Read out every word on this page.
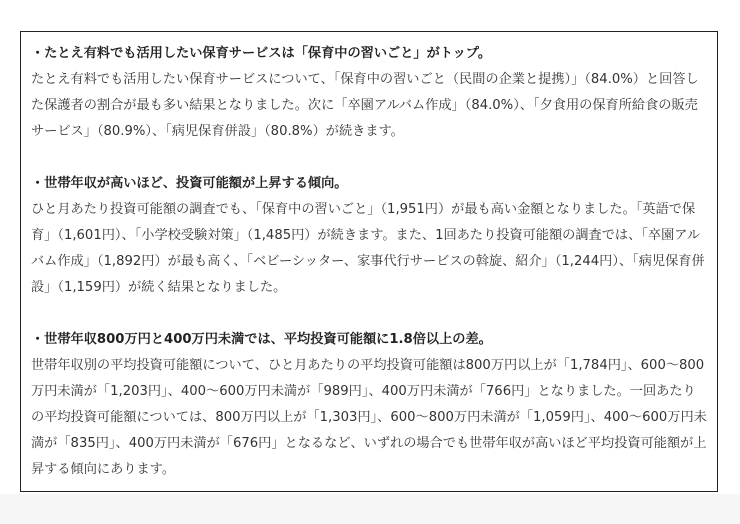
・たとえ有料でも活用したい保育サービスは「保育中の習いごと」がトップ。
たとえ有料でも活用したい保育サービスについて、「保育中の習いごと（民間の企業と提携）」（84.0%）と回答した保護者の割合が最も多い結果となりました。次に「卒園アルバム作成」（84.0%）、「夕食用の保育所給食の販売サービス」（80.9%）、「病児保育併設」（80.8%）が続きます。
・世帯年収が高いほど、投資可能額が上昇する傾向。
ひと月あたり投資可能額の調査でも、「保育中の習いごと」（1,951円）が最も高い金額となりました。「英語で保育」（1,601円）、「小学校受験対策」（1,485円）が続きます。また、1回あたり投資可能額の調査では、「卒園アルバム作成」（1,892円）が最も高く、「ベビーシッター、家事代行サービスの斡旋、紹介」（1,244円）、「病児保育併設」（1,159円）が続く結果となりました。
・世帯年収800万円と400万円未満では、平均投資可能額に1.8倍以上の差。
世帯年収別の平均投資可能額について、ひと月あたりの平均投資可能額は800万円以上が「1,784円」、600～800万円未満が「1,203円」、400～600万円未満が「989円」、400万円未満が「766円」となりました。一回あたりの平均投資可能額については、800万円以上が「1,303円」、600～800万円未満が「1,059円」、400～600万円未満が「835円」、400万円未満が「676円」となるなど、いずれの場合でも世帯年収が高いほど平均投資可能額が上昇する傾向にあります。
